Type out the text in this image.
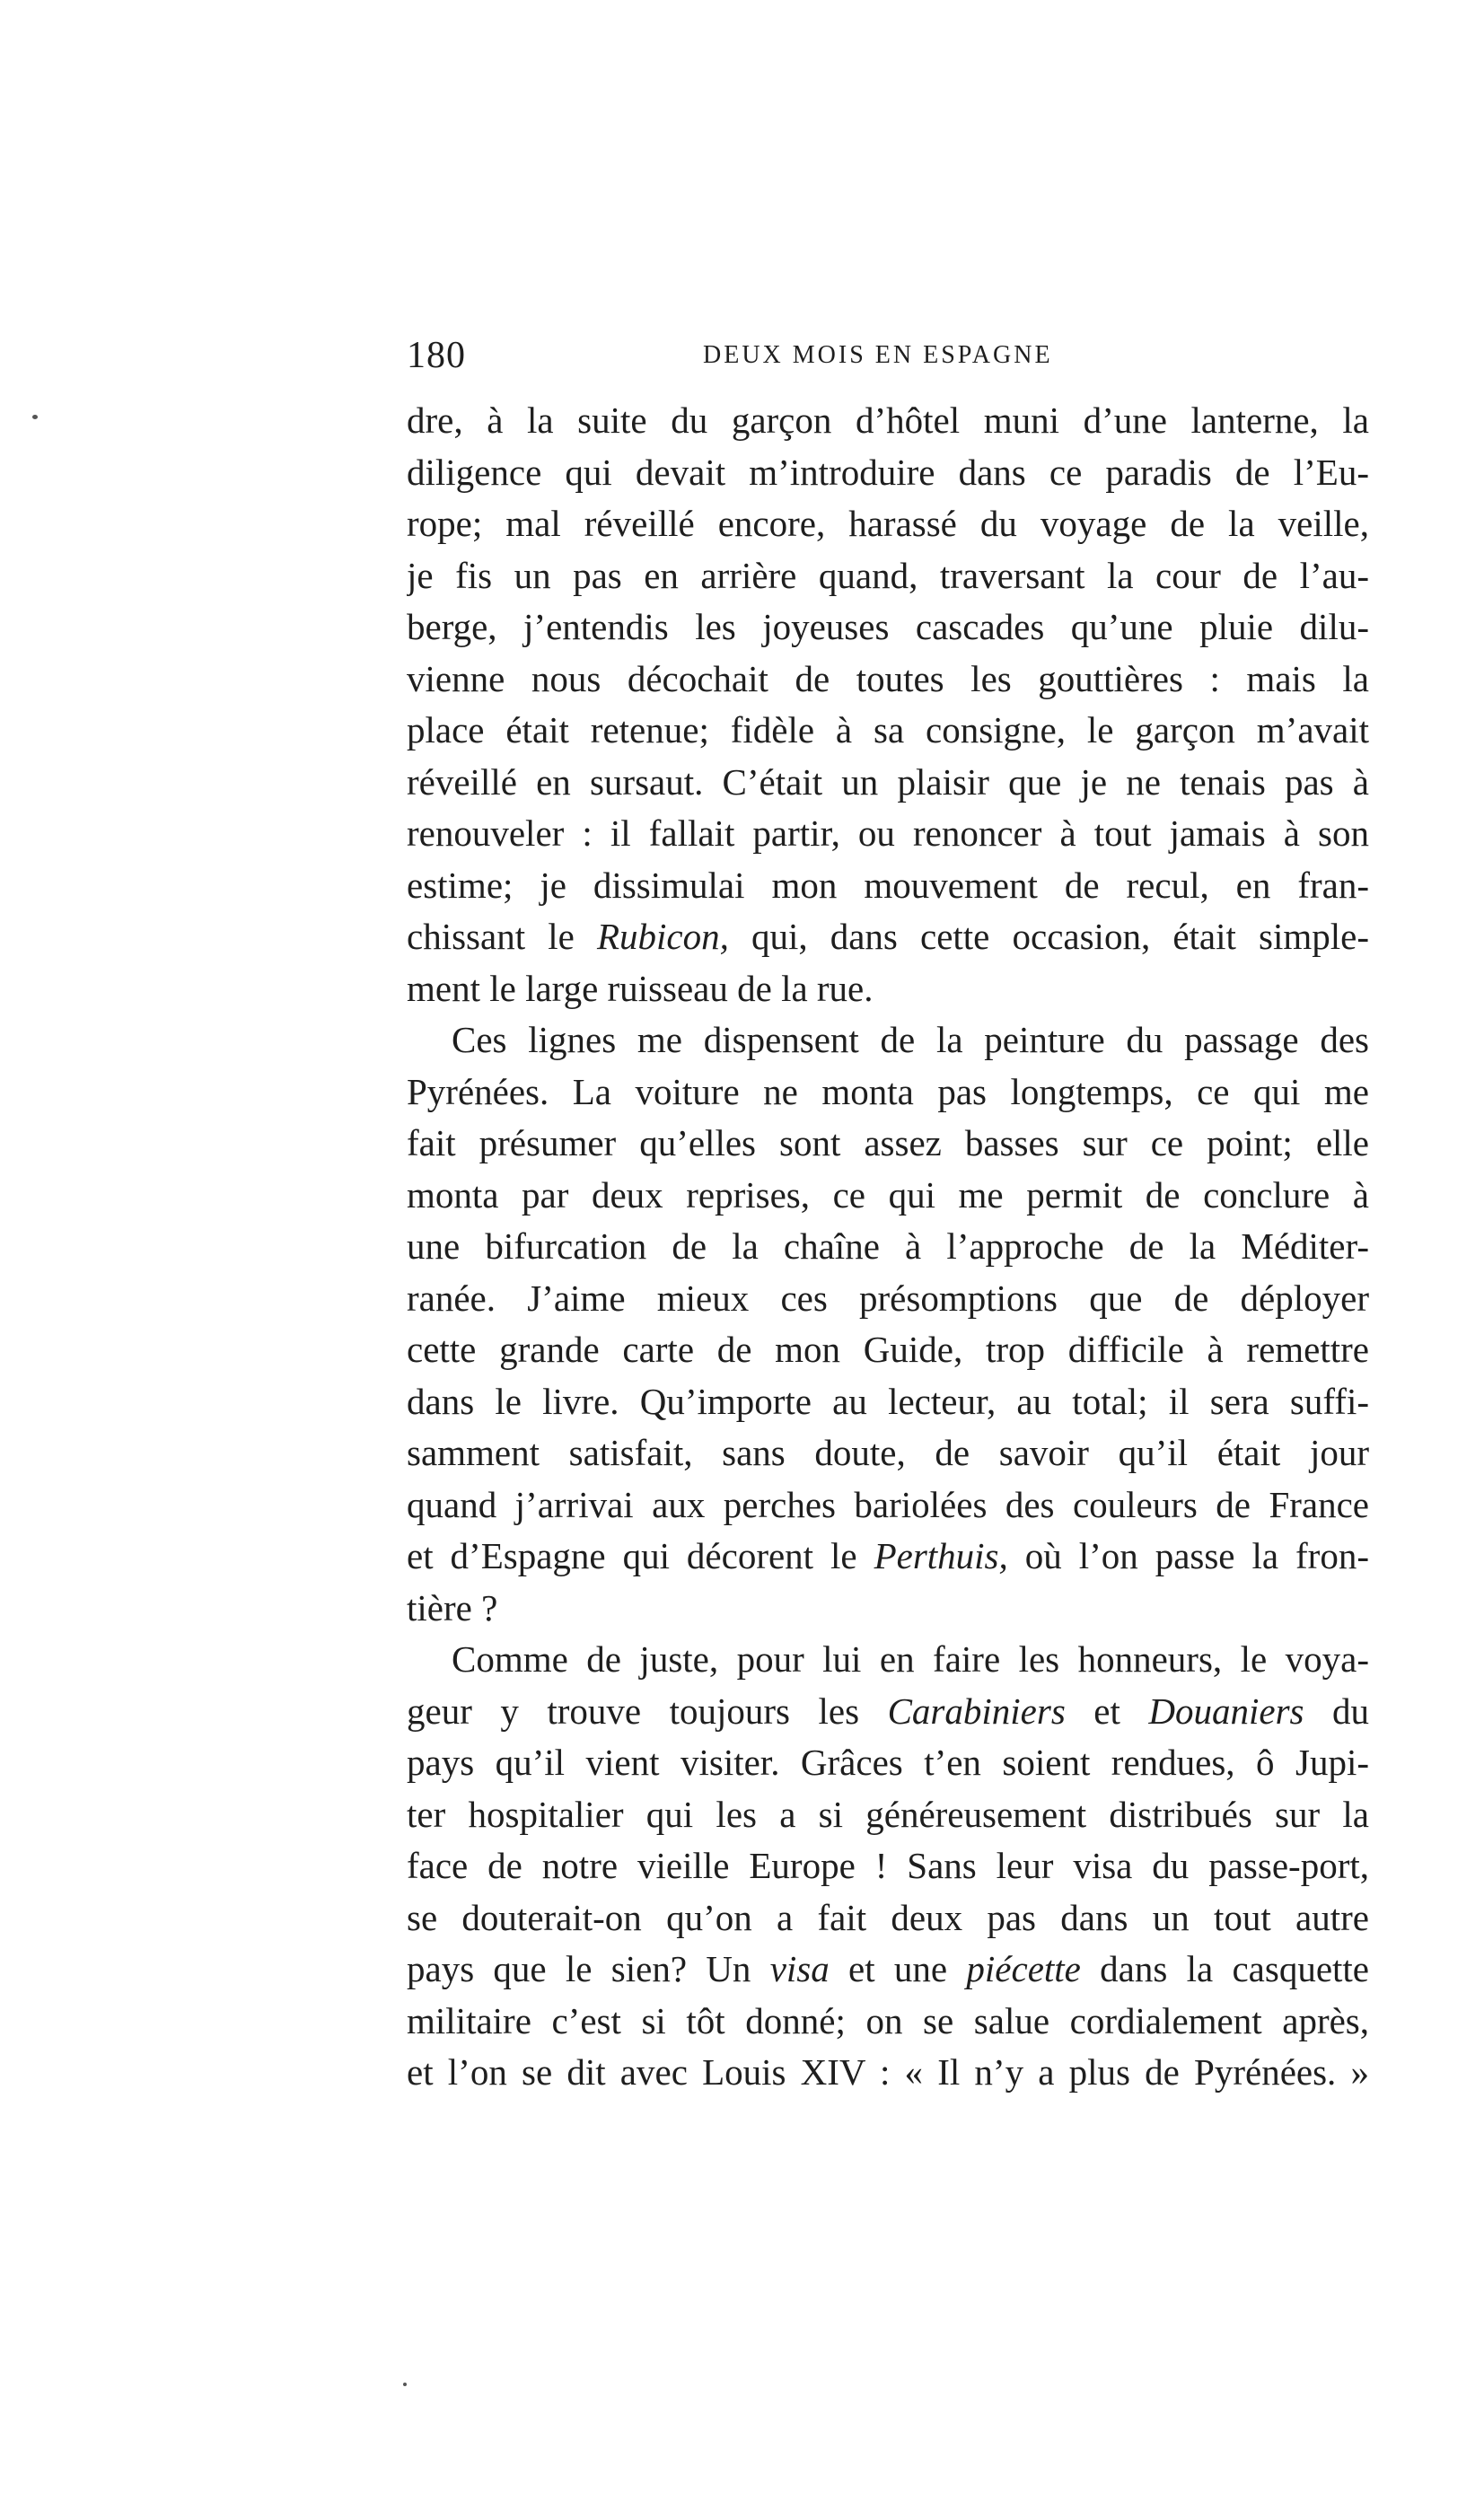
180	DEUX MOIS EN ESPAGNE
dre, à la suite du garçon d’hôtel muni d’une lanterne, la
diligence qui devait m’introduire dans ce paradis de l’Eu-
rope; mal réveillé encore, harassé du voyage de la veille,
je fis un pas en arrière quand, traversant la cour de l’au-
berge, j’entendis les joyeuses cascades qu’une pluie dilu-
vienne nous décochait de toutes les gouttières : mais la
place était retenue; fidèle à sa consigne, le garçon m’avait
réveillé en sursaut. C’était un plaisir que je ne tenais pas à
renouveler : il fallait partir, ou renoncer à tout jamais à son
estime; je dissimulai mon mouvement de recul, en fran-
chissant le Rubicon, qui, dans cette occasion, était simple-
ment le large ruisseau de la rue.
Ces lignes me dispensent de la peinture du passage des
Pyrénées. La voiture ne monta pas longtemps, ce qui me
fait présumer qu’elles sont assez basses sur ce point; elle
monta par deux reprises, ce qui me permit de conclure à
une bifurcation de la chaîne à l’approche de la Méditer-
ranée. J’aime mieux ces présomptions que de déployer
cette grande carte de mon Guide, trop difficile à remettre
dans le livre. Qu’importe au lecteur, au total; il sera suffi-
samment satisfait, sans doute, de savoir qu’il était jour
quand j’arrivai aux perches bariolées des couleurs de France
et d’Espagne qui décorent le Perthuis, où l’on passe la fron-
tière ?
Comme de juste, pour lui en faire les honneurs, le voya-
geur y trouve toujours les Carabiniers et Douaniers du
pays qu’il vient visiter. Grâces t’en soient rendues, ô Jupi-
ter hospitalier qui les a si généreusement distribués sur la
face de notre vieille Europe ! Sans leur visa du passe-port,
se douterait-on qu’on a fait deux pas dans un tout autre
pays que le sien? Un visa et une piécette dans la casquette
militaire c’est si tôt donné; on se salue cordialement après,
et l’on se dit avec Louis XIV : « Il n’y a plus de Pyrénées. »
